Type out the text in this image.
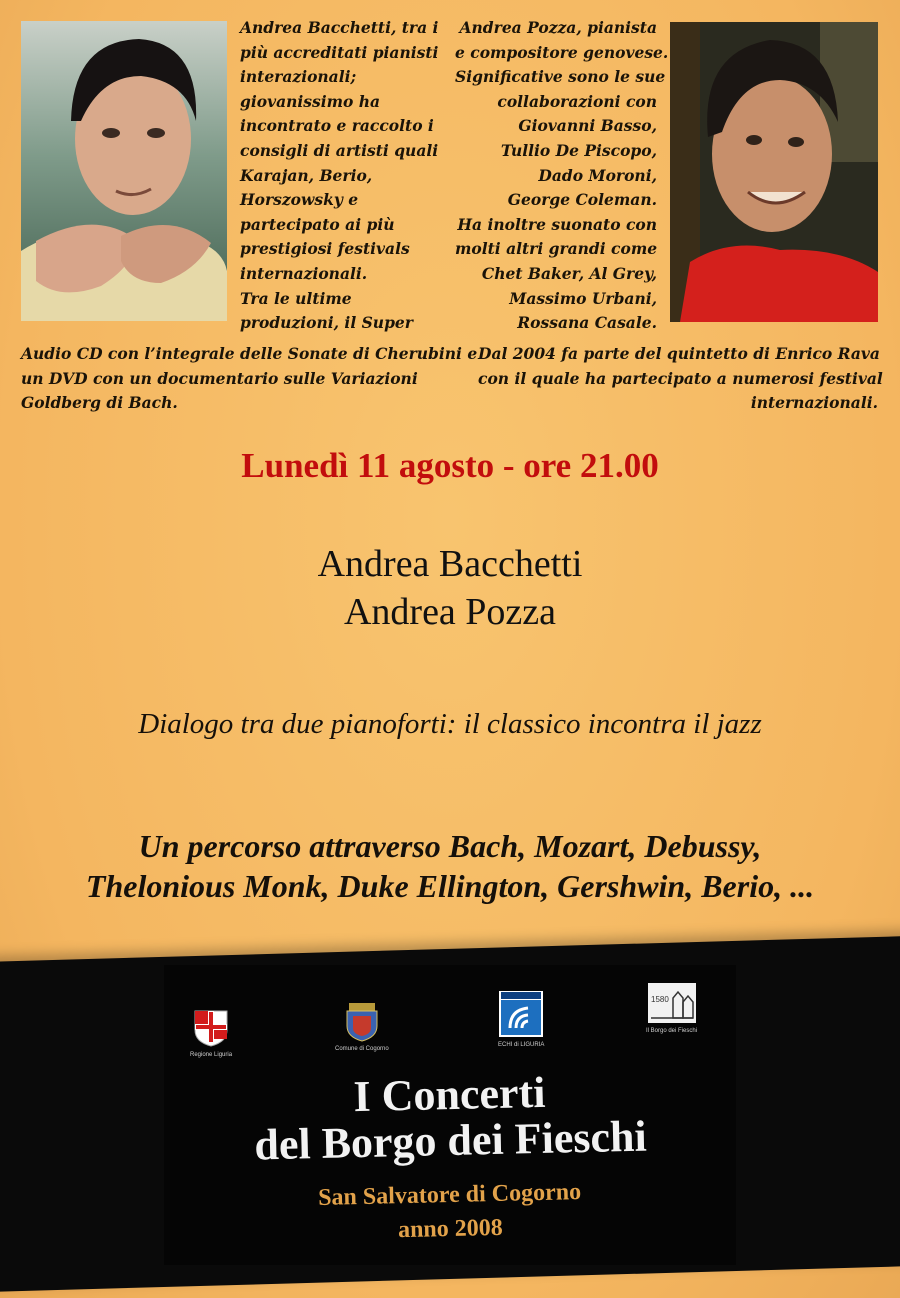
Andrea Bacchetti, tra i
più accreditati pianisti
interazionali;
giovanissimo ha
incontrato e raccolto i
consigli di artisti quali
Karajan, Berio,
Horszowsky e
partecipato ai più
prestigiosi festivals
internazionali.
Tra le ultime
produzioni, il Super
Audio CD con l’integrale delle Sonate di Cherubini e
un DVD con un documentario sulle Variazioni
Goldberg di Bach.
Andrea Pozza, pianista
e compositore genovese.
Significative sono le sue
collaborazioni con
Giovanni Basso,
Tullio De Piscopo,
Dado Moroni,
George Coleman.
Ha inoltre suonato con
molti altri grandi come
Chet Baker, Al Grey,
Massimo Urbani,
Rossana Casale.
Dal 2004 fa parte del quintetto di Enrico Rava
con il quale ha partecipato a numerosi festival
internazionali.
Lunedì 11 agosto - ore 21.00
Andrea Bacchetti
Andrea Pozza
Dialogo tra due pianoforti: il classico incontra il jazz
Un percorso attraverso Bach, Mozart, Debussy,
Thelonious Monk, Duke Ellington, Gershwin, Berio, ...
Regione Liguria
Comune di Cogorno
ECHI di LIGURIA
1580
Il Borgo dei Fieschi
I Concerti
del Borgo dei Fieschi
San Salvatore di Cogorno
anno 2008
